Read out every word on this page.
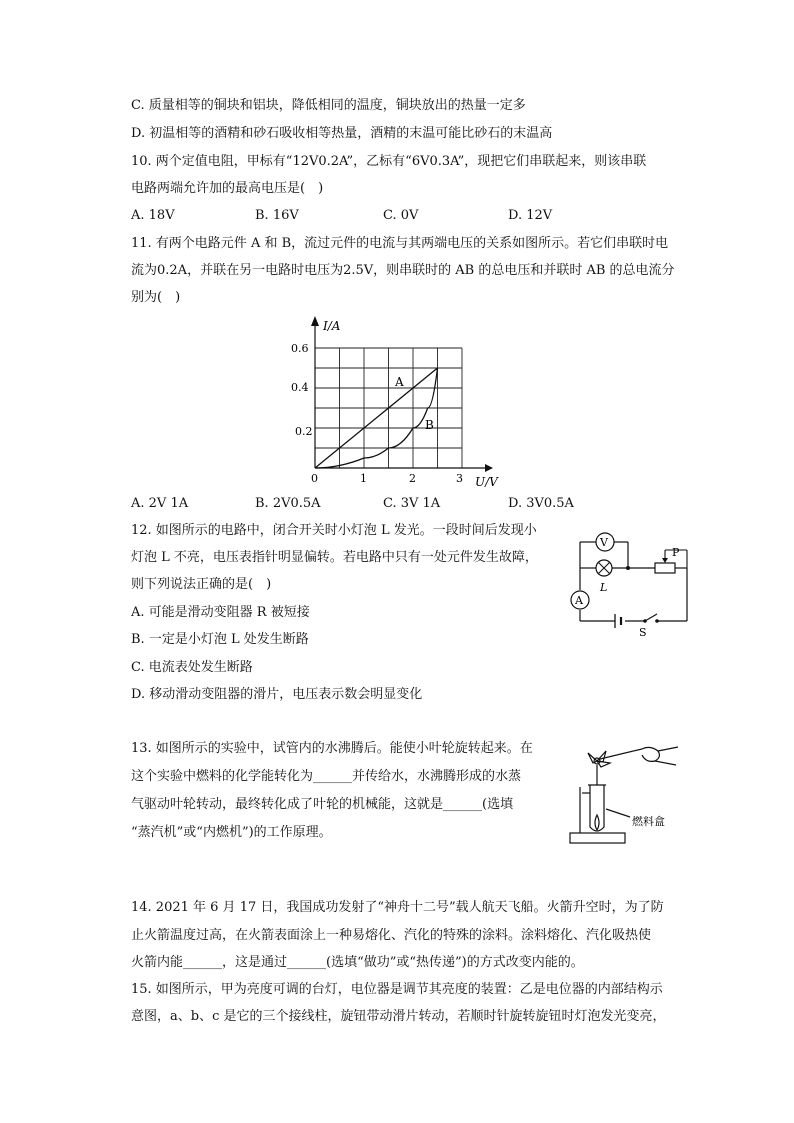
C. 质量相等的铜块和铝块，降低相同的温度，铜块放出的热量一定多
D. 初温相等的酒精和砂石吸收相等热量，酒精的末温可能比砂石的末温高
10. 两个定值电阻，甲标有“12V0.2A”，乙标有“6V0.3A”，现把它们串联起来，则该串联
电路两端允许加的最高电压是(　)
A. 18V	B. 16V	C. 0V	D. 12V
11. 有两个电路元件 A 和 B，流过元件的电流与其两端电压的关系如图所示。若它们串联时电
流为0.2A，并联在另一电路时电压为2.5V，则串联时的 AB 的总电压和并联时 AB 的总电流分
别为(　)
I/A
U/V
0.6
0.4
0.2
0	1	2	3
A
B
A. 2V 1A	B. 2V0.5A	C. 3V 1A	D. 3V0.5A
12. 如图所示的电路中，闭合开关时小灯泡 L 发光。一段时间后发现小
灯泡 L 不亮，电压表指针明显偏转。若电路中只有一处元件发生故障，
则下列说法正确的是(　)
A. 可能是滑动变阻器 R 被短接
B. 一定是小灯泡 L 处发生断路
C. 电流表处发生断路
D. 移动滑动变阻器的滑片，电压表示数会明显变化
V
L
P
A
S
13. 如图所示的实验中，试管内的水沸腾后。能使小叶轮旋转起来。在
这个实验中燃料的化学能转化为______并传给水，水沸腾形成的水蒸
气驱动叶轮转动，最终转化成了叶轮的机械能，这就是______(选填
“蒸汽机”或“内燃机”)的工作原理。
燃料盒
14. 2021 年 6 月 17 日，我国成功发射了“神舟十二号”载人航天飞船。火箭升空时，为了防
止火箭温度过高，在火箭表面涂上一种易熔化、汽化的特殊的涂料。涂料熔化、汽化吸热使
火箭内能______，这是通过______(选填“做功”或“热传递”)的方式改变内能的。
15. 如图所示，甲为亮度可调的台灯，电位器是调节其亮度的装置：乙是电位器的内部结构示
意图，a、b、c 是它的三个接线柱，旋钮带动滑片转动，若顺时针旋转旋钮时灯泡发光变亮，
